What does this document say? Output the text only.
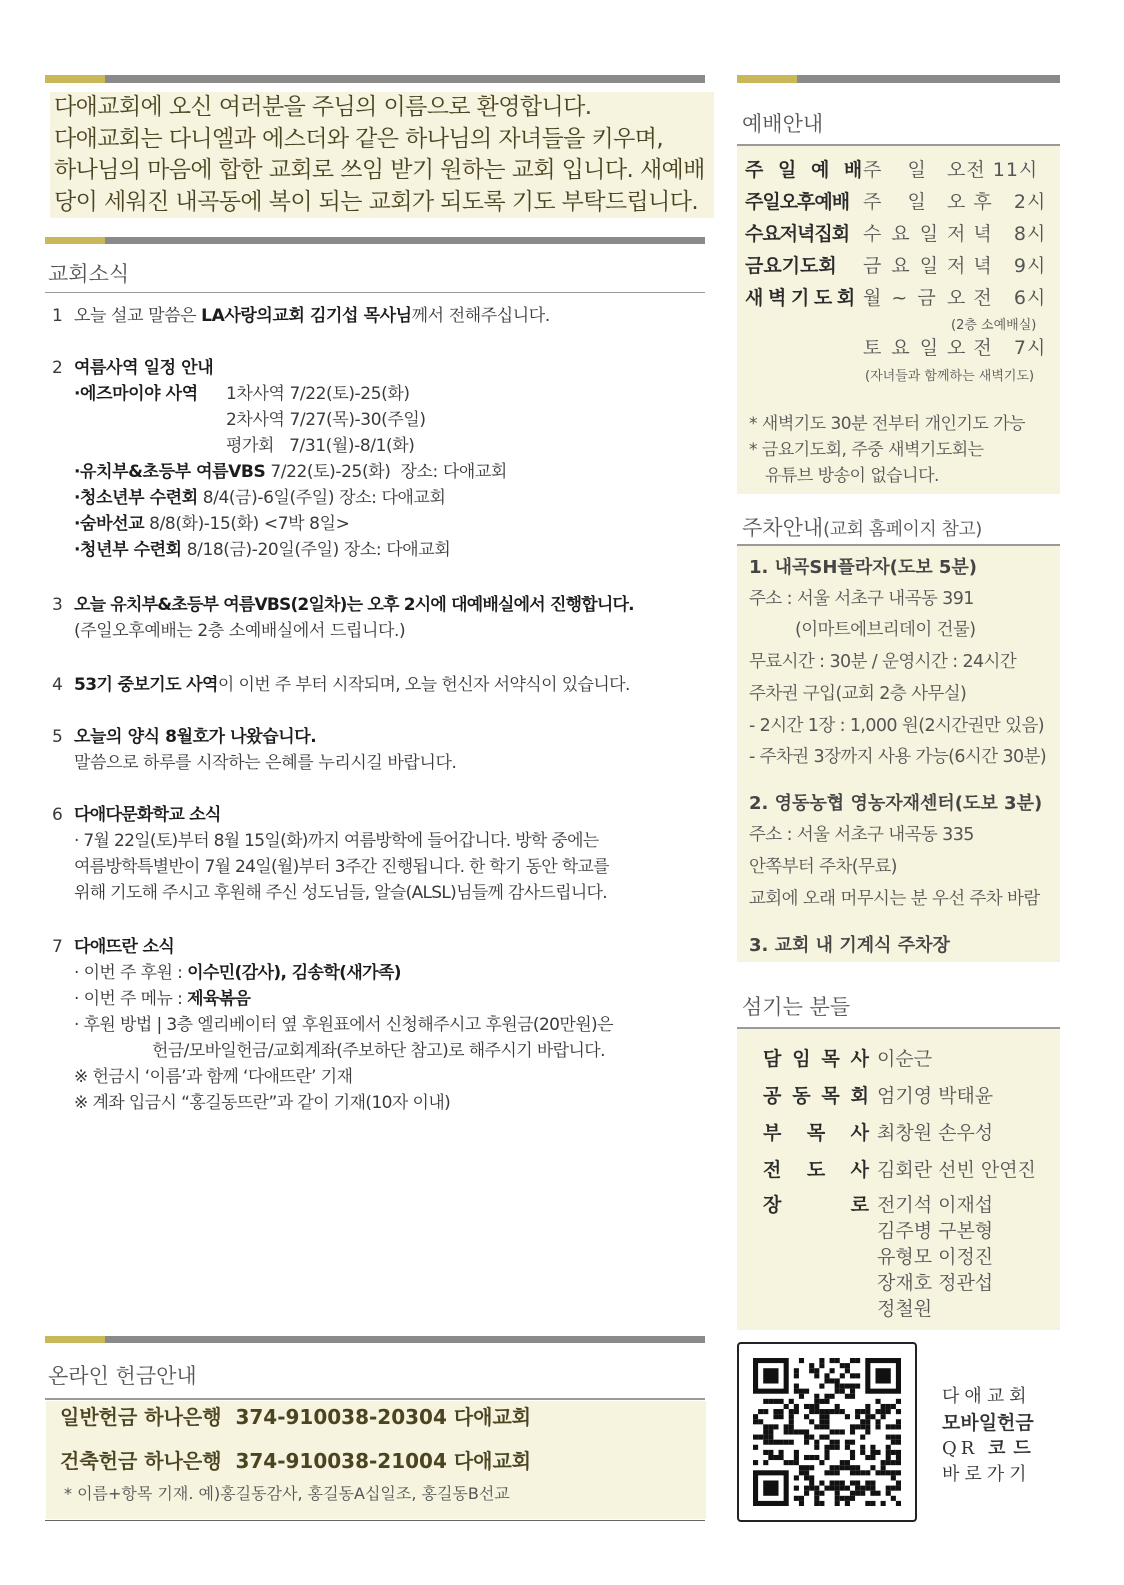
다애교회에 오신 여러분을 주님의 이름으로 환영합니다.
다애교회는 다니엘과 에스더와 같은 하나님의 자녀들을 키우며,
하나님의 마음에 합한 교회로 쓰임 받기 원하는 교회 입니다. 새예배
당이 세워진 내곡동에 복이 되는 교회가 되도록 기도 부탁드립니다.
교회소식
1 오늘 설교 말씀은 LA사랑의교회 김기섭 목사님께서 전해주십니다.
2 여름사역 일정 안내
·에즈마이야 사역 1차사역 7/22(토)-25(화)
2차사역 7/27(목)-30(주일)
평가회   7/31(월)-8/1(화)
·유치부&초등부 여름VBS 7/22(토)-25(화)  장소: 다애교회
·청소년부 수련회 8/4(금)-6일(주일) 장소: 다애교회
·숨바선교 8/8(화)-15(화) <7박 8일>
·청년부 수련회 8/18(금)-20일(주일) 장소: 다애교회
3 오늘 유치부&초등부 여름VBS(2일차)는 오후 2시에 대예배실에서 진행합니다.
(주일오후예배는 2층 소예배실에서 드립니다.)
4 53기 중보기도 사역이 이번 주 부터 시작되며, 오늘 헌신자 서약식이 있습니다.
5 오늘의 양식 8월호가 나왔습니다.
말씀으로 하루를 시작하는 은혜를 누리시길 바랍니다.
6 다애다문화학교 소식
· 7월 22일(토)부터 8월 15일(화)까지 여름방학에 들어갑니다. 방학 중에는
여름방학특별반이 7월 24일(월)부터 3주간 진행됩니다. 한 학기 동안 학교를
위해 기도해 주시고 후원해 주신 성도님들, 알슬(ALSL)님들께 감사드립니다.
7 다애뜨란 소식
· 이번 주 후원 : 이수민(감사), 김송학(새가족)
· 이번 주 메뉴 : 제육볶음
· 후원 방법 | 3층 엘리베이터 옆 후원표에서 신청해주시고 후원금(20만원)은
헌금/모바일헌금/교회계좌(주보하단 참고)로 해주시기 바랍니다.
※ 헌금시 ‘이름’과 함께 ‘다애뜨란’ 기재
※ 계좌 입금시 “홍길동뜨란”과 같이 기재(10자 이내)
예배안내
주 일 예 배
주   일 오전 11시
주일오후예배 주   일 오 후   2시
수요저녁집회 수 요 일 저 녁   8시
금요기도회 금 요 일 저 녁   9시
새 벽 기 도 회 월 ~ 금 오 전   6시
(2층 소예배실)
토 요 일 오 전   7시
(자녀들과 함께하는 새벽기도)
* 새벽기도 30분 전부터 개인기도 가능
* 금요기도회, 주중 새벽기도회는
유튜브 방송이 없습니다.
주차안내(교회 홈페이지 참고)
1. 내곡SH플라자(도보 5분)
주소 : 서울 서초구 내곡동 391
(이마트에브리데이 건물)
무료시간 : 30분 / 운영시간 : 24시간
주차권 구입(교회 2층 사무실)
- 2시간 1장 : 1,000 원(2시간권만 있음)
- 주차권 3장까지 사용 가능(6시간 30분)
2. 영동농협 영농자재센터(도보 3분)
주소 : 서울 서초구 내곡동 335
안쪽부터 주차(무료)
교회에 오래 머무시는 분 우선 주차 바람
3. 교회 내 기계식 주차장
섬기는 분들
담 임 목 사 이순근
공 동 목 회 엄기영 박태윤
부 목 사 최창원 손우성
전 도 사 김회란 선빈 안연진
장	로 전기석 이재섭
김주병 구본형
유형모 이정진
장재호 정관섭
정철원
온라인 헌금안내
일반헌금 하나은행  374-910038-20304 다애교회
건축헌금 하나은행  374-910038-21004 다애교회
* 이름+항목 기재. 예)홍길동감사, 홍길동A십일조, 홍길동B선교
다애교회
모바일헌금
QR 코드
바로가기
